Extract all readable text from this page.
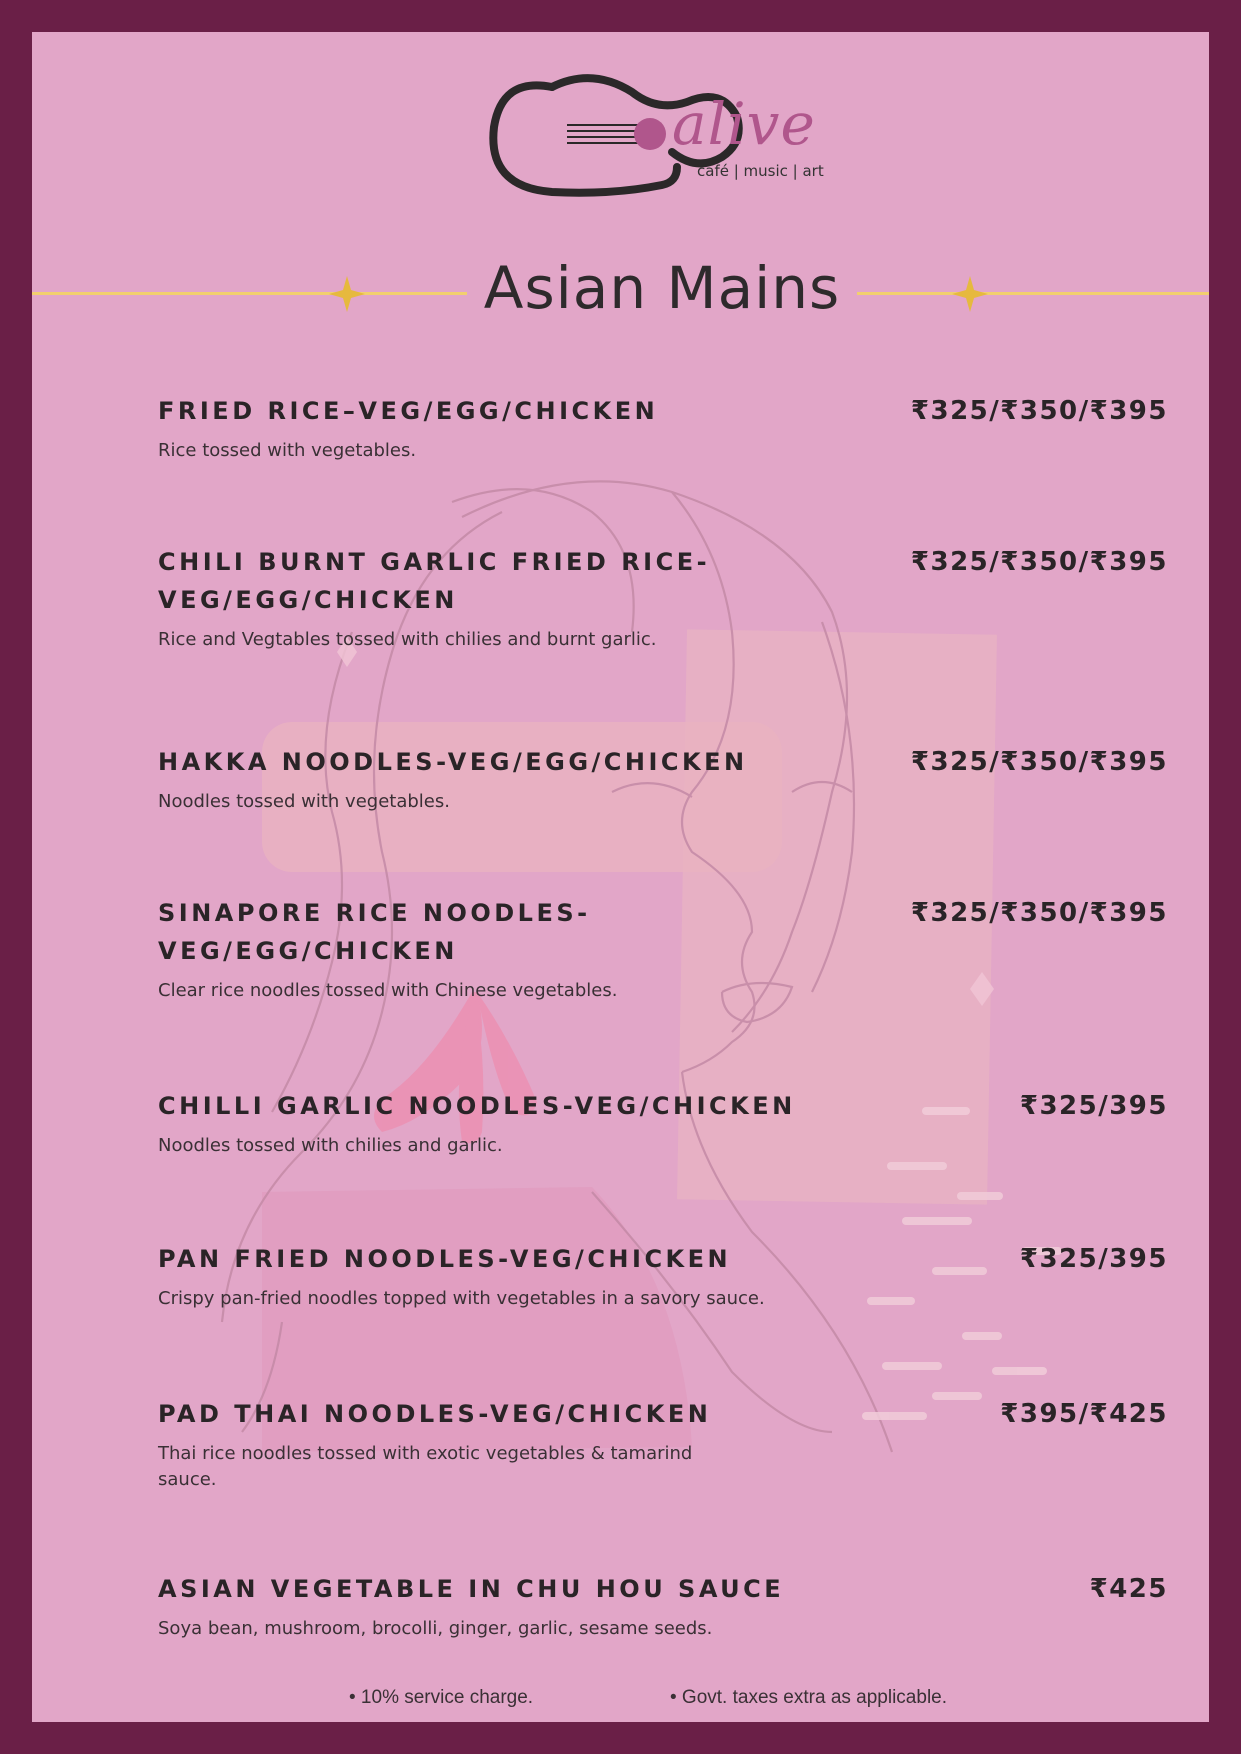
alive
café | music | art
Asian Mains
FRIED RICE–VEG/EGG/CHICKEN	₹325/₹350/₹395
Rice tossed with vegetables.
CHILI BURNT GARLIC FRIED RICE-VEG/EGG/CHICKEN
₹325/₹350/₹395
Rice and Vegtables tossed with chilies and burnt garlic.
HAKKA NOODLES-VEG/EGG/CHICKEN	₹325/₹350/₹395
Noodles tossed with vegetables.
SINAPORE RICE NOODLES-VEG/EGG/CHICKEN
₹325/₹350/₹395
Clear rice noodles tossed with Chinese vegetables.
CHILLI GARLIC NOODLES-VEG/CHICKEN	₹325/395
Noodles tossed with chilies and garlic.
PAN FRIED NOODLES-VEG/CHICKEN	₹325/395
Crispy pan-fried noodles topped with vegetables in a savory sauce.
PAD THAI NOODLES-VEG/CHICKEN	₹395/₹425
Thai rice noodles tossed with exotic vegetables & tamarind sauce.
ASIAN VEGETABLE IN CHU HOU SAUCE	₹425
Soya bean, mushroom, brocolli, ginger, garlic, sesame seeds.
• 10% service charge.	• Govt. taxes extra as applicable.
